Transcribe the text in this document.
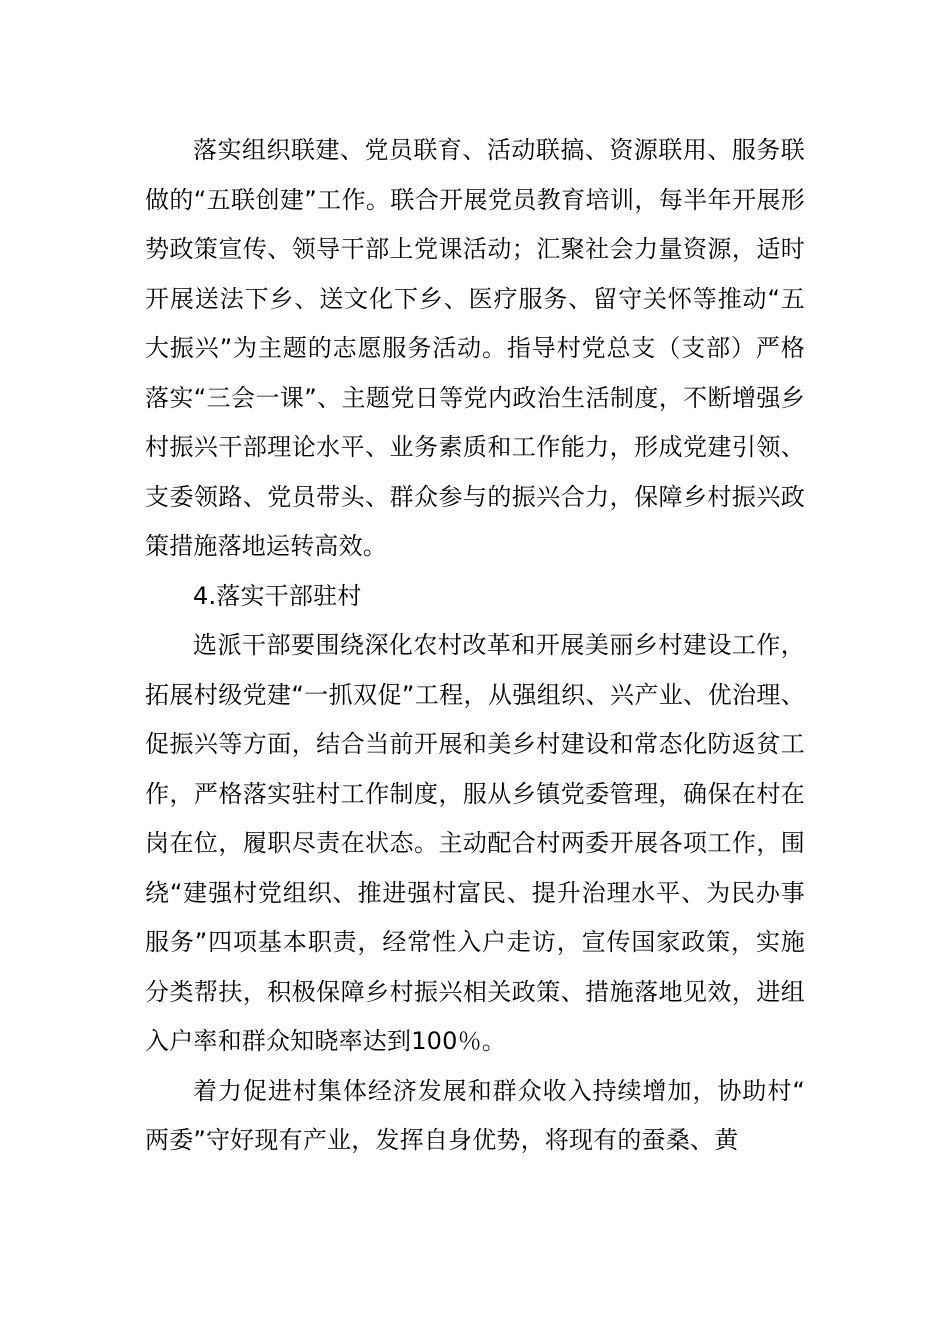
落实组织联建、党员联育、活动联搞、资源联用、服务联做的“五联创建”工作。联合开展党员教育培训，每半年开展形势政策宣传、领导干部上党课活动；汇聚社会力量资源，适时开展送法下乡、送文化下乡、医疗服务、留守关怀等推动“五大振兴”为主题的志愿服务活动。指导村党总支（支部）严格落实“三会一课”、主题党日等党内政治生活制度，不断增强乡村振兴干部理论水平、业务素质和工作能力，形成党建引领、支委领路、党员带头、群众参与的振兴合力，保障乡村振兴政策措施落地运转高效。

4.落实干部驻村

选派干部要围绕深化农村改革和开展美丽乡村建设工作，拓展村级党建“一抓双促”工程，从强组织、兴产业、优治理、促振兴等方面，结合当前开展和美乡村建设和常态化防返贫工作，严格落实驻村工作制度，服从乡镇党委管理，确保在村在岗在位，履职尽责在状态。主动配合村两委开展各项工作，围绕“建强村党组织、推进强村富民、提升治理水平、为民办事服务”四项基本职责，经常性入户走访，宣传国家政策，实施分类帮扶，积极保障乡村振兴相关政策、措施落地见效，进组入户率和群众知晓率达到100％。

着力促进村集体经济发展和群众收入持续增加，协助村“两委”守好现有产业，发挥自身优势，将现有的蚕桑、黄
